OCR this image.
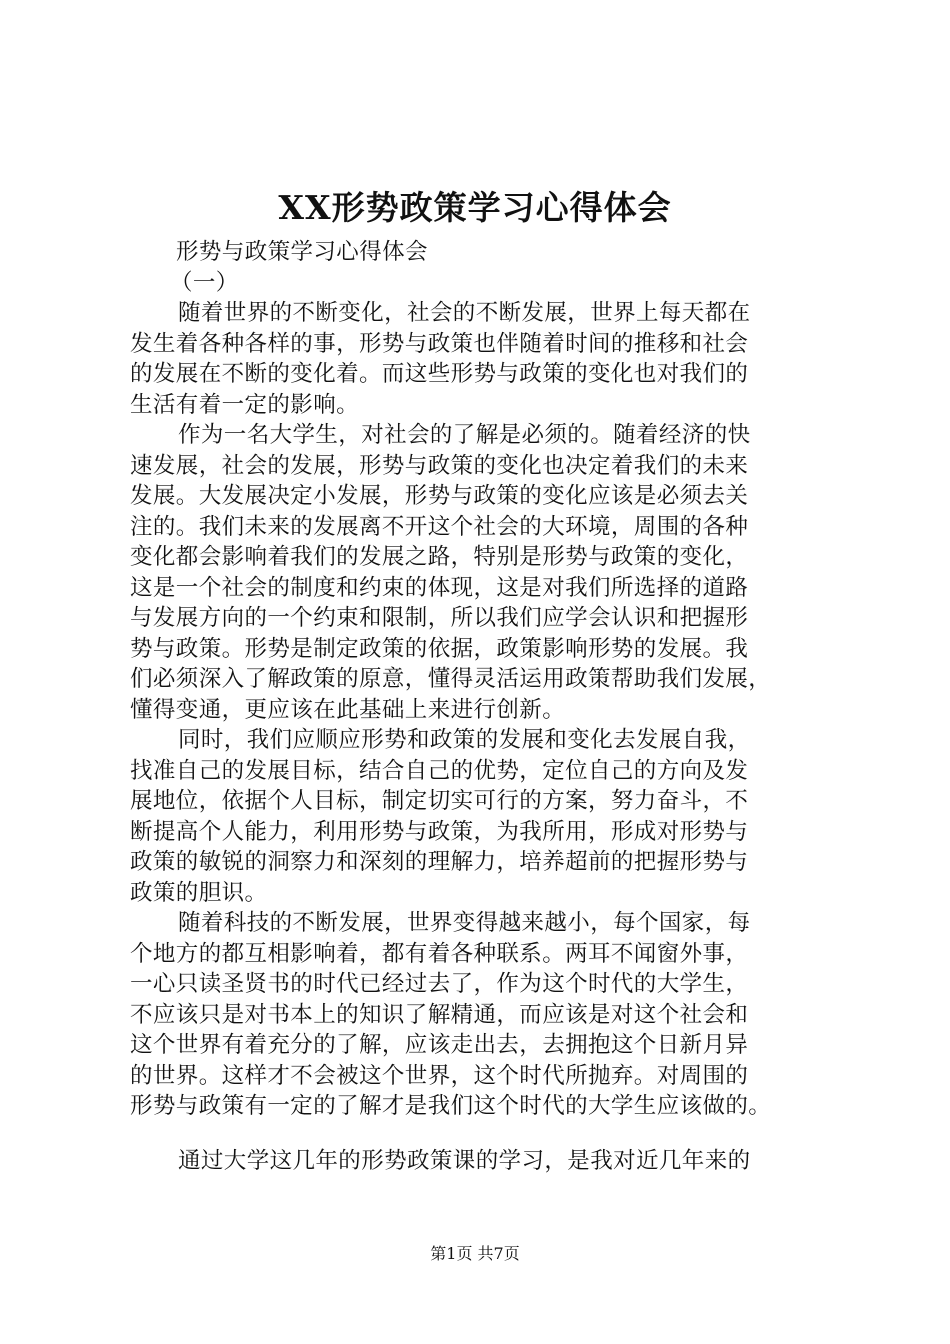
XX形势政策学习心得体会
形势与政策学习心得体会
（一）
随着世界的不断变化，社会的不断发展，世界上每天都在
发生着各种各样的事，形势与政策也伴随着时间的推移和社会
的发展在不断的变化着。而这些形势与政策的变化也对我们的
生活有着一定的影响。
作为一名大学生，对社会的了解是必须的。随着经济的快
速发展，社会的发展，形势与政策的变化也决定着我们的未来
发展。大发展决定小发展，形势与政策的变化应该是必须去关
注的。我们未来的发展离不开这个社会的大环境，周围的各种
变化都会影响着我们的发展之路，特别是形势与政策的变化，
这是一个社会的制度和约束的体现，这是对我们所选择的道路
与发展方向的一个约束和限制，所以我们应学会认识和把握形
势与政策。形势是制定政策的依据，政策影响形势的发展。我
们必须深入了解政策的原意，懂得灵活运用政策帮助我们发展，
懂得变通，更应该在此基础上来进行创新。
同时，我们应顺应形势和政策的发展和变化去发展自我，
找准自己的发展目标，结合自己的优势，定位自己的方向及发
展地位，依据个人目标，制定切实可行的方案，努力奋斗，不
断提高个人能力，利用形势与政策，为我所用，形成对形势与
政策的敏锐的洞察力和深刻的理解力，培养超前的把握形势与
政策的胆识。
随着科技的不断发展，世界变得越来越小，每个国家，每
个地方的都互相影响着，都有着各种联系。两耳不闻窗外事，
一心只读圣贤书的时代已经过去了，作为这个时代的大学生，
不应该只是对书本上的知识了解精通，而应该是对这个社会和
这个世界有着充分的了解，应该走出去，去拥抱这个日新月异
的世界。这样才不会被这个世界，这个时代所抛弃。对周围的
形势与政策有一定的了解才是我们这个时代的大学生应该做的。
通过大学这几年的形势政策课的学习，是我对近几年来的
第1页 共7页
